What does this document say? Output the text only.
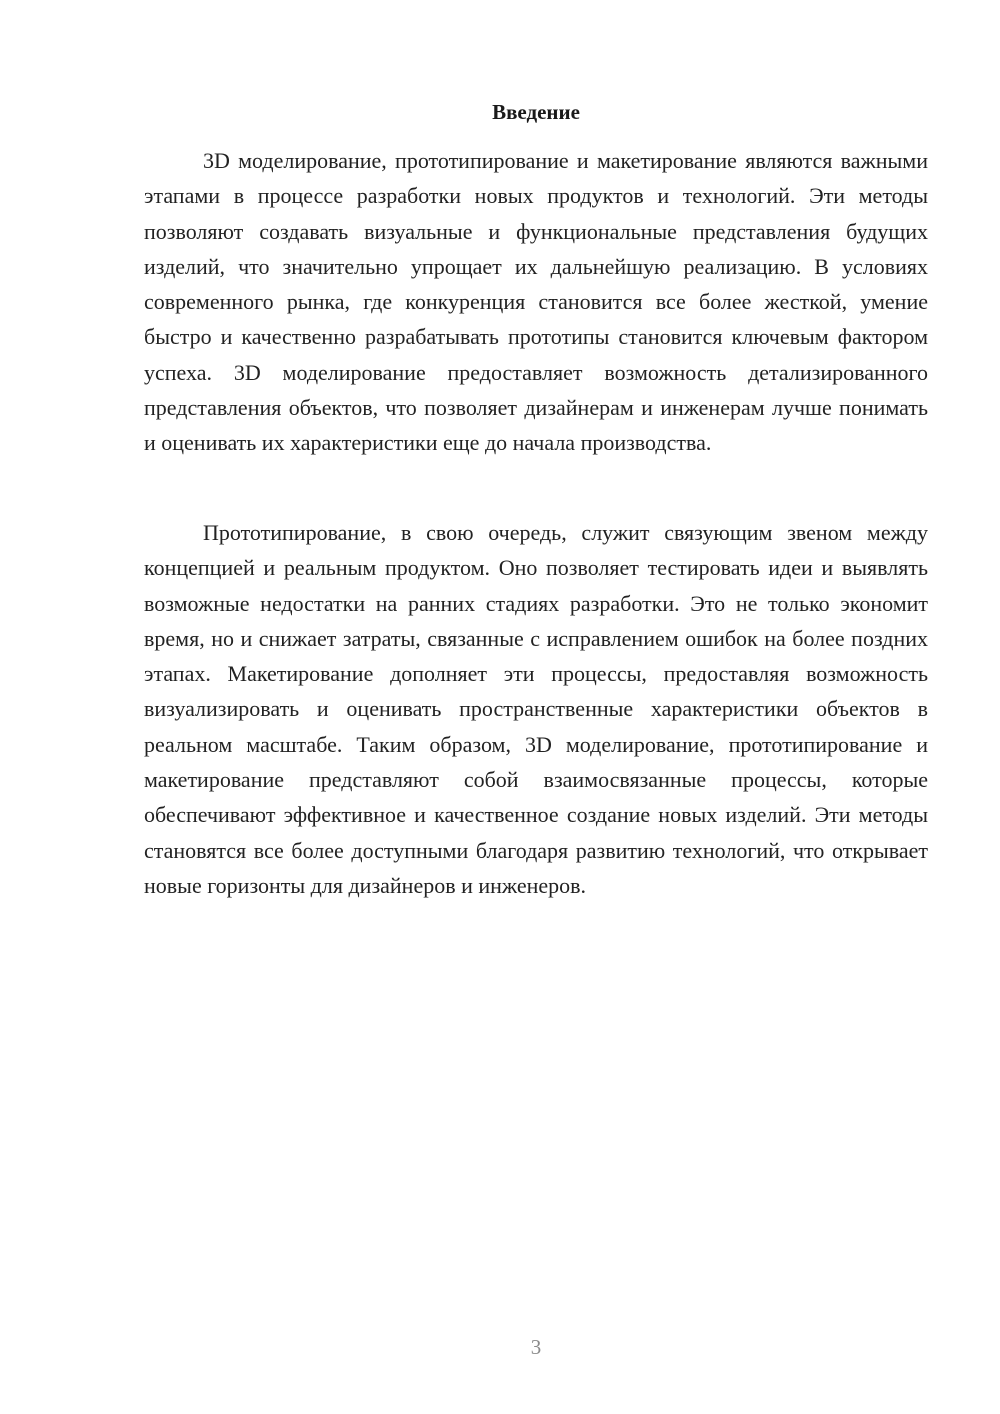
Введение

3D моделирование, прототипирование и макетирование являются важными этапами в процессе разработки новых продуктов и технологий. Эти методы позволяют создавать визуальные и функциональные представления будущих изделий, что значительно упрощает их дальнейшую реализацию. В условиях современного рынка, где конкуренция становится все более жесткой, умение быстро и качественно разрабатывать прототипы становится ключевым фактором успеха. 3D моделирование предоставляет возможность детализированного представления объектов, что позволяет дизайнерам и инженерам лучше понимать и оценивать их характеристики еще до начала производства.

Прототипирование, в свою очередь, служит связующим звеном между концепцией и реальным продуктом. Оно позволяет тестировать идеи и выявлять возможные недостатки на ранних стадиях разработки. Это не только экономит время, но и снижает затраты, связанные с исправлением ошибок на более поздних этапах. Макетирование дополняет эти процессы, предоставляя возможность визуализировать и оценивать пространственные характеристики объектов в реальном масштабе. Таким образом, 3D моделирование, прототипирование и макетирование представляют собой взаимосвязанные процессы, которые обеспечивают эффективное и качественное создание новых изделий. Эти методы становятся все более доступными благодаря развитию технологий, что открывает новые горизонты для дизайнеров и инженеров.

3
